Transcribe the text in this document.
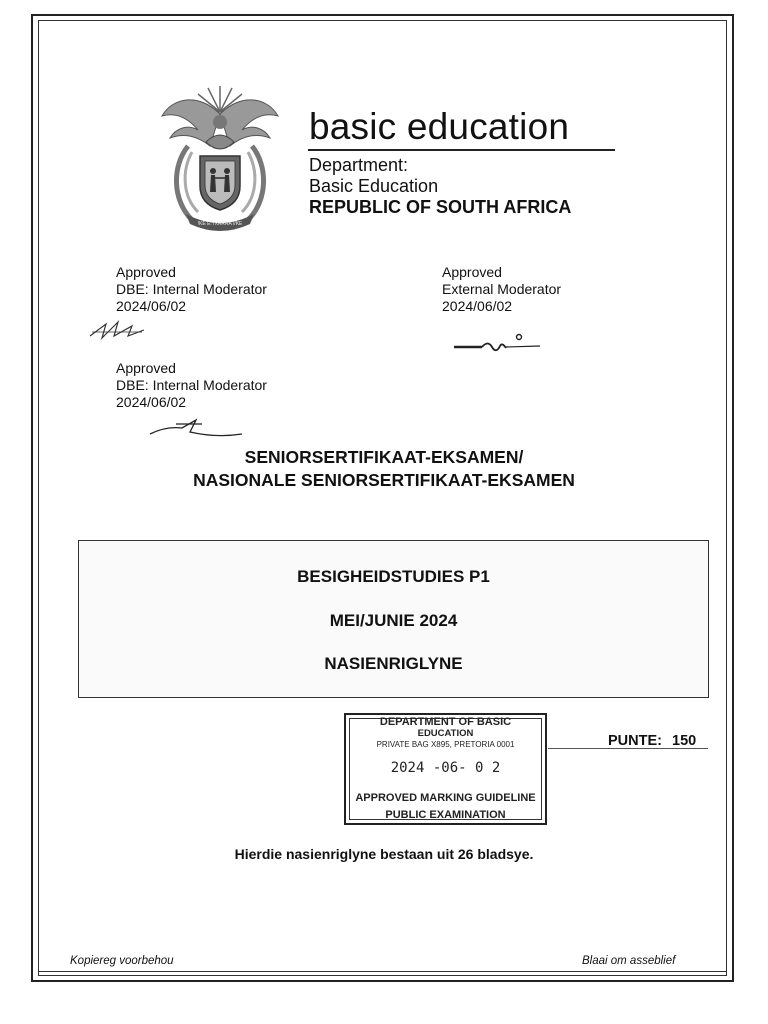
!KE E: /XARRA //KE
basic education
Department:
Basic Education
REPUBLIC OF SOUTH AFRICA
Approved
DBE: Internal Moderator
2024/06/02
Approved
External Moderator
2024/06/02
Approved
DBE: Internal Moderator
2024/06/02
SENIORSERTIFIKAAT-EKSAMEN/
NASIONALE SENIORSERTIFIKAAT-EKSAMEN
BESIGHEIDSTUDIES P1
MEI/JUNIE 2024
NASIENRIGLYNE
DEPARTMENT OF BASIC
EDUCATION
PRIVATE BAG X895, PRETORIA 0001
2024 -06- 0 2
APPROVED MARKING GUIDELINE
PUBLIC EXAMINATION
PUNTE: 150
Hierdie nasienriglyne bestaan uit 26 bladsye.
Kopiereg voorbehou	Blaai om asseblief
